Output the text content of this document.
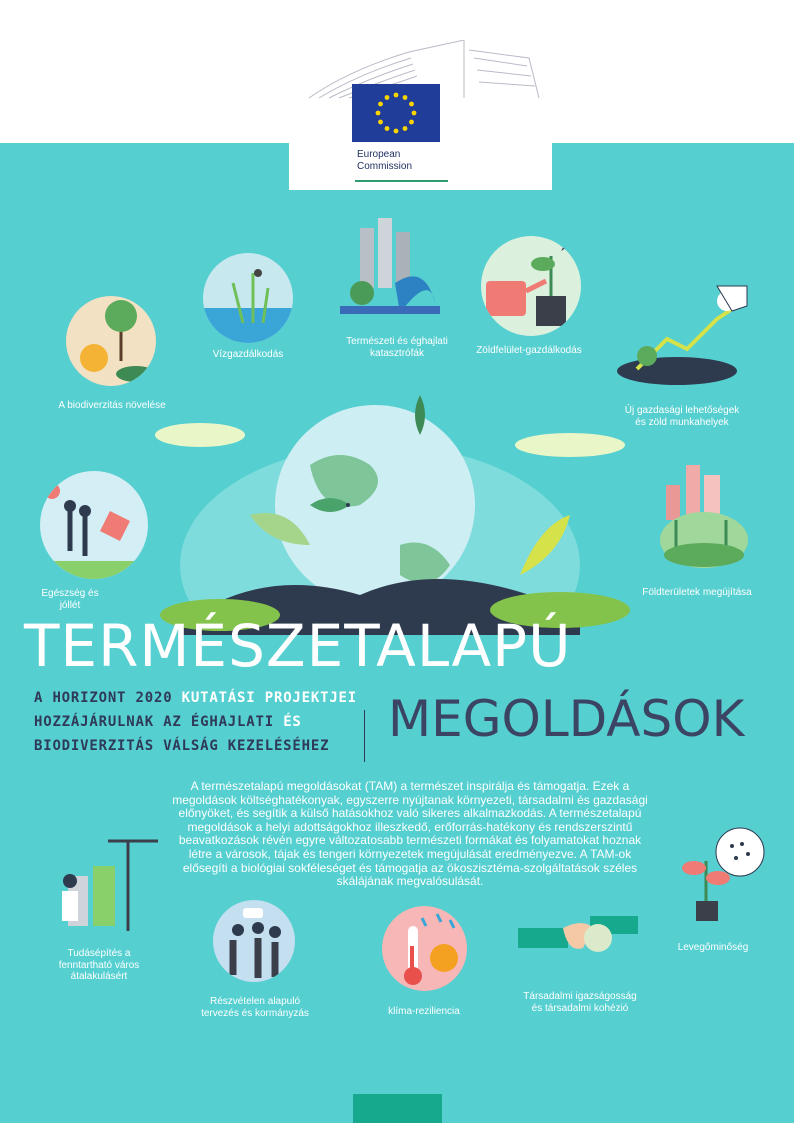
European
Commission
A biodiverzitás növelése
Vízgazdálkodás
Természeti és éghajlati katasztrófák	Zöldfelület-gazdálkodás
Új gazdasági lehetőségek és zöld munkahelyek
Egészség és jóllét
Földterületek megújítása
TERMÉSZETALAPÚ
A HORIZONT 2020 KUTATÁSI PROJEKTJEI
HOZZÁJÁRULNAK AZ ÉGHAJLATI ÉS
BIODIVERZITÁS VÁLSÁG KEZELÉSÉHEZ	MEGOLDÁSOK
A természetalapú megoldásokat (TAM) a természet inspirálja és támogatja. Ezek a megoldások költséghatékonyak, egyszerre nyújtanak környezeti, társadalmi és gazdasági előnyöket, és segítik a külső hatásokhoz való sikeres alkalmazkodás. A természetalapú megoldások a helyi adottságokhoz illeszkedő, erőforrás-hatékony és rendszerszintű beavatkozások révén egyre változatosabb természeti formákat és folyamatokat hoznak létre a városok, tájak és tengeri környezetek megújulását eredményezve. A TAM-ok elősegíti a biológiai sokféleséget és támogatja az ökoszisztéma-szolgáltatások széles skálájának megvalósulását.
Tudásépítés a fenntartható város átalakulásért
Részvételen alapuló tervezés és kormányzás	klíma-reziliencia
Társadalmi igazságosság és társadalmi kohézió
Levegőminőség
